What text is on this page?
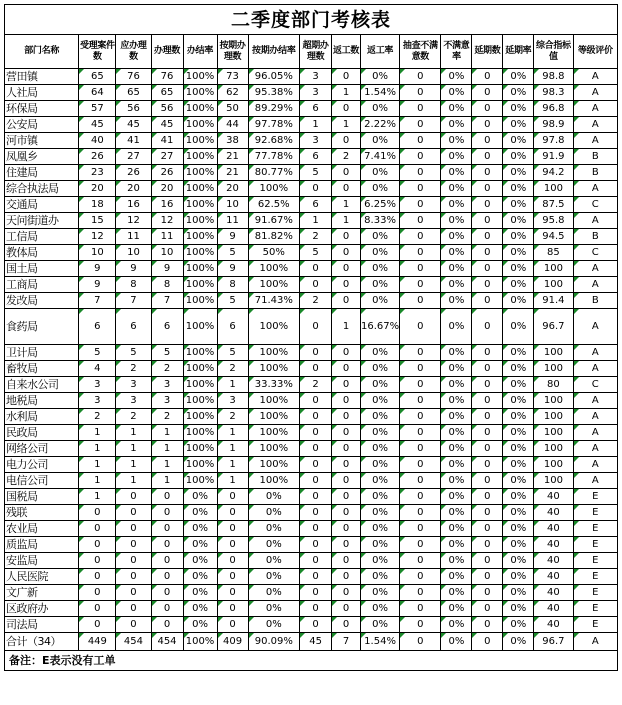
二季度部门考核表
部门名称	受理案件数	应办理数	办理数	办结率	按期办理数	按期办结率	超期办理数	返工数	返工率	抽查不满意数	不满意率	延期数	延期率	综合指标值	等级评价
营田镇	65	76	76	100%	73	96.05%	3	0	0%	0	0%	0	0%	98.8	A
人社局	64	65	65	100%	62	95.38%	3	1	1.54%	0	0%	0	0%	98.3	A
环保局	57	56	56	100%	50	89.29%	6	0	0%	0	0%	0	0%	96.8	A
公安局	45	45	45	100%	44	97.78%	1	1	2.22%	0	0%	0	0%	98.9	A
河市镇	40	41	41	100%	38	92.68%	3	0	0%	0	0%	0	0%	97.8	A
凤凰乡	26	27	27	100%	21	77.78%	6	2	7.41%	0	0%	0	0%	91.9	B
住建局	23	26	26	100%	21	80.77%	5	0	0%	0	0%	0	0%	94.2	B
综合执法局	20	20	20	100%	20	100%	0	0	0%	0	0%	0	0%	100	A
交通局	18	16	16	100%	10	62.5%	6	1	6.25%	0	0%	0	0%	87.5	C
天问街道办	15	12	12	100%	11	91.67%	1	1	8.33%	0	0%	0	0%	95.8	A
工信局	12	11	11	100%	9	81.82%	2	0	0%	0	0%	0	0%	94.5	B
教体局	10	10	10	100%	5	50%	5	0	0%	0	0%	0	0%	85	C
国土局	9	9	9	100%	9	100%	0	0	0%	0	0%	0	0%	100	A
工商局	9	8	8	100%	8	100%	0	0	0%	0	0%	0	0%	100	A
发改局	7	7	7	100%	5	71.43%	2	0	0%	0	0%	0	0%	91.4	B
食药局	6	6	6	100%	6	100%	0	1	16.67%	0	0%	0	0%	96.7	A
卫计局	5	5	5	100%	5	100%	0	0	0%	0	0%	0	0%	100	A
畜牧局	4	2	2	100%	2	100%	0	0	0%	0	0%	0	0%	100	A
自来水公司	3	3	3	100%	1	33.33%	2	0	0%	0	0%	0	0%	80	C
地税局	3	3	3	100%	3	100%	0	0	0%	0	0%	0	0%	100	A
水利局	2	2	2	100%	2	100%	0	0	0%	0	0%	0	0%	100	A
民政局	1	1	1	100%	1	100%	0	0	0%	0	0%	0	0%	100	A
网络公司	1	1	1	100%	1	100%	0	0	0%	0	0%	0	0%	100	A
电力公司	1	1	1	100%	1	100%	0	0	0%	0	0%	0	0%	100	A
电信公司	1	1	1	100%	1	100%	0	0	0%	0	0%	0	0%	100	A
国税局	1	0	0	0%	0	0%	0	0	0%	0	0%	0	0%	40	E
残联	0	0	0	0%	0	0%	0	0	0%	0	0%	0	0%	40	E
农业局	0	0	0	0%	0	0%	0	0	0%	0	0%	0	0%	40	E
质监局	0	0	0	0%	0	0%	0	0	0%	0	0%	0	0%	40	E
安监局	0	0	0	0%	0	0%	0	0	0%	0	0%	0	0%	40	E
人民医院	0	0	0	0%	0	0%	0	0	0%	0	0%	0	0%	40	E
文广新	0	0	0	0%	0	0%	0	0	0%	0	0%	0	0%	40	E
区政府办	0	0	0	0%	0	0%	0	0	0%	0	0%	0	0%	40	E
司法局	0	0	0	0%	0	0%	0	0	0%	0	0%	0	0%	40	E
合计（34）	449	454	454	100%	409	90.09%	45	7	1.54%	0	0%	0	0%	96.7	A
备注：E表示没有工单
